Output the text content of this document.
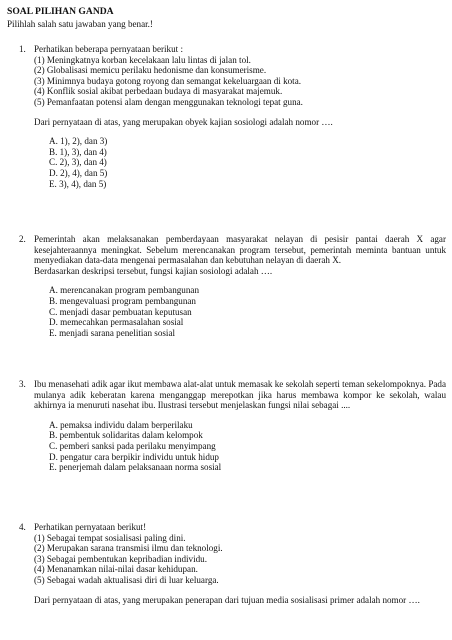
SOAL PILIHAN GANDA
Pilihlah salah satu jawaban yang benar.!
1. Perhatikan beberapa pernyataan berikut :
(1) Meningkatnya korban kecelakaan lalu lintas di jalan tol.
(2) Globalisasi memicu perilaku hedonisme dan konsumerisme.
(3) Minimnya budaya gotong royong dan semangat kekeluargaan di kota.
(4) Konflik sosial akibat perbedaan budaya di masyarakat majemuk.
(5) Pemanfaatan potensi alam dengan menggunakan teknologi tepat guna.
Dari pernyataan di atas, yang merupakan obyek kajian sosiologi adalah nomor ….
A. 1), 2), dan 3)
B. 1), 3), dan 4)
C. 2), 3), dan 4)
D. 2), 4), dan 5)
E. 3), 4), dan 5)
2. Pemerintah akan melaksanakan pemberdayaan masyarakat nelayan di pesisir pantai daerah X agar kesejahteraannya meningkat. Sebelum merencanakan program tersebut, pemerintah meminta bantuan untuk menyediakan data-data mengenai permasalahan dan kebutuhan nelayan di daerah X.
Berdasarkan deskripsi tersebut, fungsi kajian sosiologi adalah ….
A. merencanakan program pembangunan
B. mengevaluasi program pembangunan
C. menjadi dasar pembuatan keputusan
D. memecahkan permasalahan sosial
E. menjadi sarana penelitian sosial
3. Ibu menasehati adik agar ikut membawa alat-alat untuk memasak ke sekolah seperti teman sekelompoknya. Pada mulanya adik keberatan karena menganggap merepotkan jika harus membawa kompor ke sekolah, walau akhirnya ia menuruti nasehat ibu. Ilustrasi tersebut menjelaskan fungsi nilai sebagai ....
A. pemaksa individu dalam berperilaku
B. pembentuk solidaritas dalam kelompok
C. pemberi sanksi pada perilaku menyimpang
D. pengatur cara berpikir individu untuk hidup
E. penerjemah dalam pelaksanaan norma sosial
4. Perhatikan pernyataan berikut!
(1) Sebagai tempat sosialisasi paling dini.
(2) Merupakan sarana transmisi ilmu dan teknologi.
(3) Sebagai pembentukan kepribadian individu.
(4) Menanamkan nilai-nilai dasar kehidupan.
(5) Sebagai wadah aktualisasi diri di luar keluarga.
Dari pernyataan di atas, yang merupakan penerapan dari tujuan media sosialisasi primer adalah nomor ….
